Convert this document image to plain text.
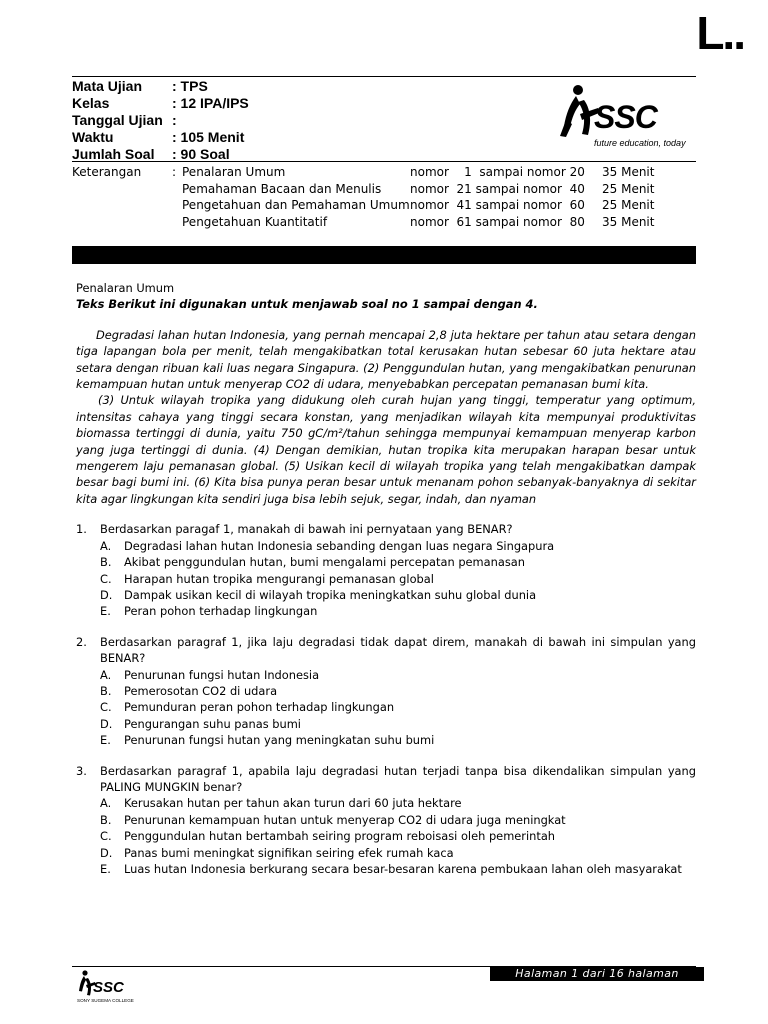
L..
Mata Ujian	: TPS
Kelas	: 12 IPA/IPS
Tanggal Ujian :
Waktu	: 105 Menit
Jumlah Soal	: 90 Soal
SSC
future education, today
Keterangan	: Penalaran Umum	nomor    1  sampai nomor 20	35 Menit
Pemahaman Bacaan dan Menulis	nomor  21 sampai nomor  40	25 Menit
Pengetahuan dan Pemahaman Umum nomor  41 sampai nomor  60	25 Menit
Pengetahuan Kuantitatif	nomor  61 sampai nomor  80	35 Menit

Penalaran Umum

Teks Berikut ini digunakan untuk menjawab soal no 1 sampai dengan 4.

Degradasi lahan hutan Indonesia, yang pernah mencapai 2,8 juta hektare per tahun atau setara dengan tiga lapangan bola per menit, telah mengakibatkan total kerusakan hutan sebesar 60 juta hektare atau setara dengan ribuan kali luas negara Singapura. (2) Penggundulan hutan, yang mengakibatkan penurunan kemampuan hutan untuk menyerap CO2 di udara, menyebabkan percepatan pemanasan bumi kita.

(3) Untuk wilayah tropika yang didukung oleh curah hujan yang tinggi, temperatur yang optimum, intensitas cahaya yang tinggi secara konstan, yang menjadikan wilayah kita mempunyai produktivitas biomassa tertinggi di dunia, yaitu 750 gC/m²/tahun sehingga mempunyai kemampuan menyerap karbon yang juga tertinggi di dunia. (4) Dengan demikian, hutan tropika kita merupakan harapan besar untuk mengerem laju pemanasan global. (5) Usikan kecil di wilayah tropika yang telah mengakibatkan dampak besar bagi bumi ini. (6) Kita bisa punya peran besar untuk menanam pohon sebanyak-banyaknya di sekitar kita agar lingkungan kita sendiri juga bisa lebih sejuk, segar, indah, dan nyaman

1.	Berdasarkan paragaf 1, manakah di bawah ini pernyataan yang BENAR?
A.	Degradasi lahan hutan Indonesia sebanding dengan luas negara Singapura
B.	Akibat penggundulan hutan, bumi mengalami percepatan pemanasan
C.	Harapan hutan tropika mengurangi pemanasan global
D.	Dampak usikan kecil di wilayah tropika meningkatkan suhu global dunia
E.	Peran pohon terhadap lingkungan
2.	Berdasarkan paragraf 1, jika laju degradasi tidak dapat direm, manakah di bawah ini simpulan yang BENAR?
A.	Penurunan fungsi hutan Indonesia
B.	Pemerosotan CO2 di udara
C.	Pemunduran peran pohon terhadap lingkungan
D.	Pengurangan suhu panas bumi
E.	Penurunan fungsi hutan yang meningkatan suhu bumi
3.	Berdasarkan paragraf 1, apabila laju degradasi hutan terjadi tanpa bisa dikendalikan simpulan yang PALING MUNGKIN benar?
A.	Kerusakan hutan per tahun akan turun dari 60 juta hektare
B.	Penurunan kemampuan hutan untuk menyerap CO2 di udara juga meningkat
C.	Penggundulan hutan bertambah seiring program reboisasi oleh pemerintah
D.	Panas bumi meningkat signifikan seiring efek rumah kaca
E.	Luas hutan Indonesia berkurang secara besar-besaran karena pembukaan lahan oleh masyarakat
SSC
SONY SUGEMA COLLEGE
Halaman 1 dari 16 halaman
